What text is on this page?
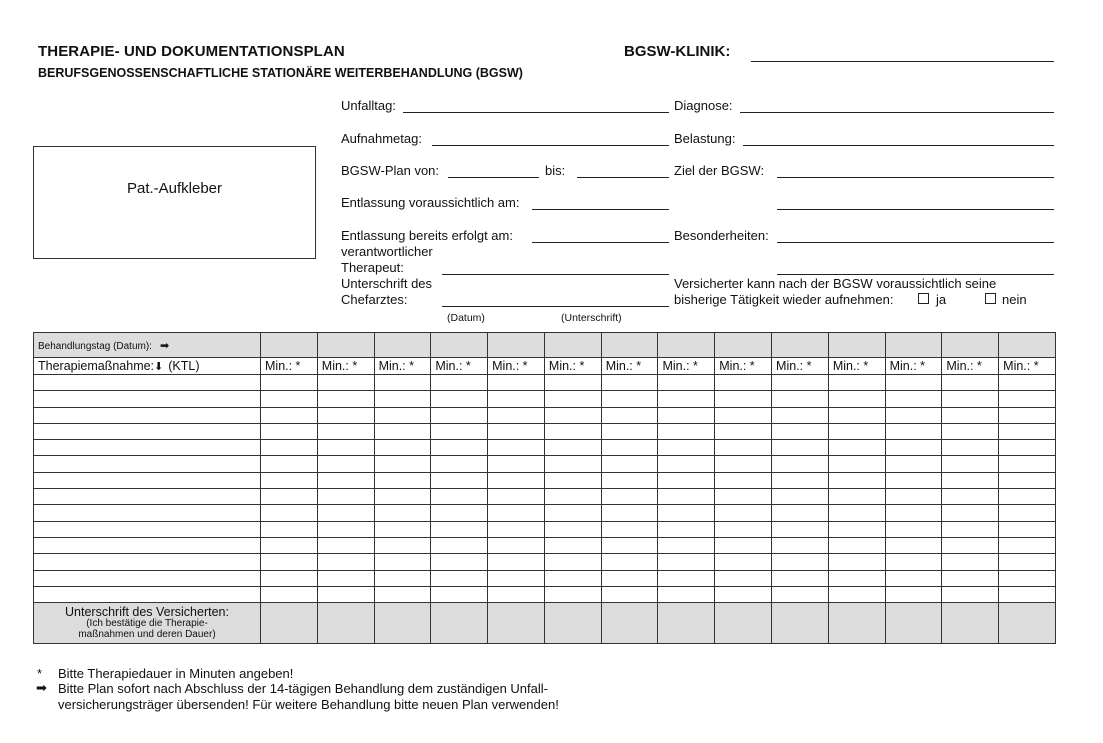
THERAPIE- UND DOKUMENTATIONSPLAN
BERUFSGENOSSENSCHAFTLICHE STATIONÄRE WEITERBEHANDLUNG (BGSW)
BGSW-KLINIK:
Pat.-Aufkleber
Unfalltag:
Aufnahmetag:
BGSW-Plan von:	bis:
Entlassung voraussichtlich am:
Entlassung bereits erfolgt am:
verantwortlicher
Therapeut:
Unterschrift des
Chefarztes:
(Datum)	(Unterschrift)
Diagnose:
Belastung:
Ziel der BGSW:
Besonderheiten:
Versicherter kann nach der BGSW voraussichtlich seine
bisherige Tätigkeit wieder aufnehmen:	ja	nein
Behandlungstag (Datum): ➡														
Therapiemaßnahme:⬇ (KTL)	Min.: *	Min.: *	Min.: *	Min.: *	Min.: *	Min.: *	Min.: *	Min.: *	Min.: *	Min.: *	Min.: *	Min.: *	Min.: *	Min.: *

Unterschrift des Versicherten:
(Ich bestätige die Therapie-
maßnahmen und deren Dauer)														

* Bitte Therapiedauer in Minuten angeben!
➡ Bitte Plan sofort nach Abschluss der 14-tägigen Behandlung dem zuständigen Unfall-
versicherungsträger übersenden! Für weitere Behandlung bitte neuen Plan verwenden!
